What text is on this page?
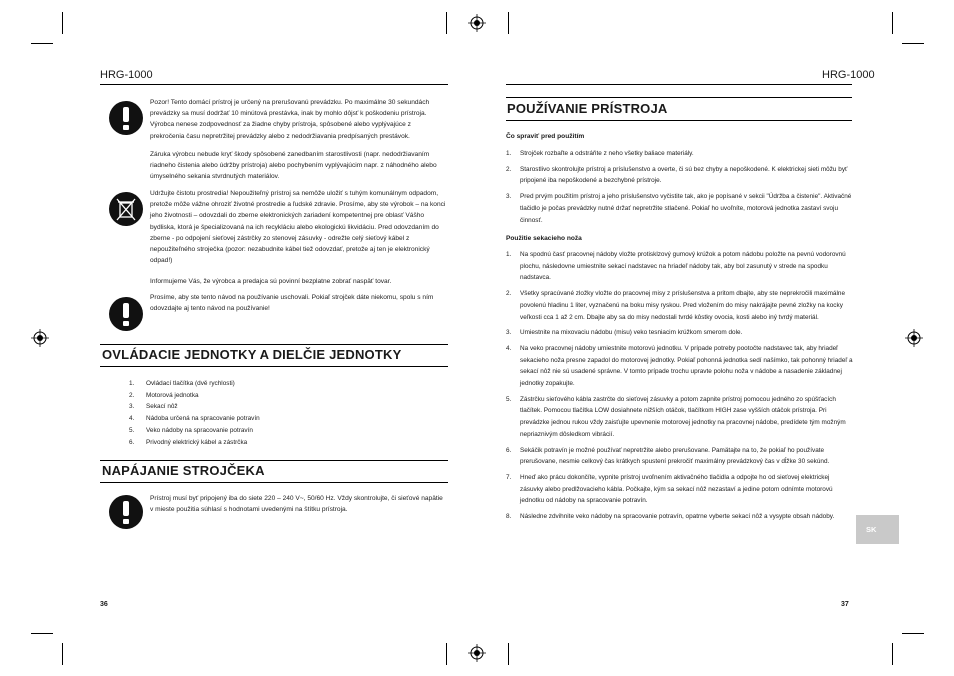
HRG-1000
Pozor! Tento domácí prístroj je určený na prerušovanú prevádzku. Po maximálne 30 sekundách prevádzky sa musí dodržať 10 minútová prestávka, inak by mohlo dôjsť k poškodeniu prístroja. Výrobca nenese zodpovednosť za žiadne chyby prístroja, spôsobené alebo vyplývajúce z prekročenia času nepretržitej prevádzky alebo z nedodržiavania predpísaných prestávok.
Záruka výrobcu nebude kryť škody spôsobené zanedbaním starostlivosti (napr. nedodržiavaním riadneho čistenia alebo údržby prístroja) alebo pochybením vyplývajúcim napr. z náhodného alebo úmyselného sekania stvrdnutých materiálov.
Udržujte čistotu prostredia! Nepoužiteľný prístroj sa nemôže uložiť s tuhým komunálnym odpadom, pretože môže vážne ohroziť životné prostredie a ľudské zdravie. Prosíme, aby ste výrobok – na konci jeho životnosti – odovzdali do zberne elektronických zariadení kompetentnej pre oblasť Vášho bydliska, ktorá je špecializovaná na ich recykláciu alebo ekologickú likvidáciu. Pred odovzdaním do zberne - po odpojení sieťovej zástrčky zo stenovej zásuvky - odrežte celý sieťový kábel z nepoužiteľného stroječka (pozor: nezabudnite kábel tiež odovzdať, pretože aj ten je elektronický odpad!)
Informujeme Vás, že výrobca a predajca sú povinní bezplatne zobrať naspäť tovar.
Prosíme, aby ste tento návod na používanie uschovali. Pokiaľ strojček dáte niekomu, spolu s ním odovzdajte aj tento návod na používanie!
OVLÁDACIE JEDNOTKY A DIELČIE JEDNOTKY
1. Ovládací tlačítka (dvě rychlosti)
2. Motorová jednotka
3. Sekací nôž
4. Nádoba určená na spracovanie potravín
5. Veko nádoby na spracovanie potravín
6. Privodný elektrický kábel a zástrčka
NAPÁJANIE STROJČEKA
Prístroj musí byť pripojený iba do siete 220 – 240 V~, 50/60 Hz. Vždy skontrolujte, či sieťové napätie v mieste použitia súhlasí s hodnotami uvedenými na štítku prístroja.
36
HRG-1000
POUŽÍVANIE PRÍSTROJA
Čo spraviť pred použitím
1. Strojček rozbaľte a odstráňte z neho všetky baliace materiály.
2. Starostlivo skontrolujte prístroj a príslušenstvo a overte, či sú bez chyby a nepoškodené. K elektrickej sieti môžu byť pripojené iba nepoškodené a bezchybné prístroje.
3. Pred prvým použitím prístroj a jeho príslušenstvo vyčistite tak, ako je popísané v sekcii "Údržba a čistenie". Aktivačné tlačidlo je počas prevádzky nutné držať nepretržite stlačené. Pokiaľ ho uvoľníte, motorová jednotka zastaví svoju činnosť.
Použitie sekacieho noža
1. Na spodnú časť pracovnej nádoby vložte protisklzový gumový krúžok a potom nádobu položte na pevnú vodorovnú plochu, následovne umiestnite sekací nadstavec na hriadeľ nádoby tak, aby bol zasunutý v strede na spodku nadstavca.
2. Všetky spracúvané zložky vložte do pracovnej misy z príslušenstva a pritom dbajte, aby ste neprekročili maximálne povolenú hladinu 1 liter, vyznačenú na boku misy ryskou. Pred vložením do misy nakrájajte pevné zložky na kocky veľkosti cca 1 až 2 cm. Dbajte aby sa do misy nedostali tvrdé kôstky ovocia, kosti alebo iný tvrdý materiál.
3. Umiestnite na mixovaciu nádobu (misu) veko tesniacim krúžkom smerom dole.
4. Na veko pracovnej nádoby umiestnite motorovú jednotku. V prípade potreby pootočte nadstavec tak, aby hriadeľ sekacieho noža presne zapadol do motorovej jednotky. Pokiaľ pohonná jednotka sedí našímko, tak pohonný hriadeľ a sekací nôž nie sú usadené správne. V tomto prípade trochu upravte polohu noža v nádobe a nasadenie základnej jednotky zopakujte.
5. Zástrčku sieťového kábla zastrčte do sieťovej zásuvky a potom zapnite prístroj pomocou jedného zo spúšťacích tlačítek. Pomocou tlačítka LOW dosiahnete nižších otáčok, tlačítkom HIGH zase vyšších otáčok prístroja. Pri prevádzke jednou rukou vždy zaisťujte upevnenie motorovej jednotky na pracovnej nádobe, predídete tým možným nepriaznivým dôsledkom vibrácií.
6. Sekáčik potravín je možné používať nepretržite alebo prerušovane. Pamätajte na to, že pokiaľ ho používate prerušovane, nesmie celkový čas krátkych spustení prekročiť maximálny prevádzkový čas v dĺžke 30 sekúnd.
7. Hneď ako prácu dokončíte, vypnite prístroj uvoľnením aktivačného tlačidla a odpojte ho od sieťovej elektrickej zásuvky alebo predlžovacieho kábla. Počkajte, kým sa sekací nôž nezastaví a jedine potom odnímte motorovú jednotku od nádoby na spracovanie potravín.
8. Následne zdvihnite veko nádoby na spracovanie potravín, opatrne vyberte sekací nôž a vysypte obsah nádoby.
SK
37
